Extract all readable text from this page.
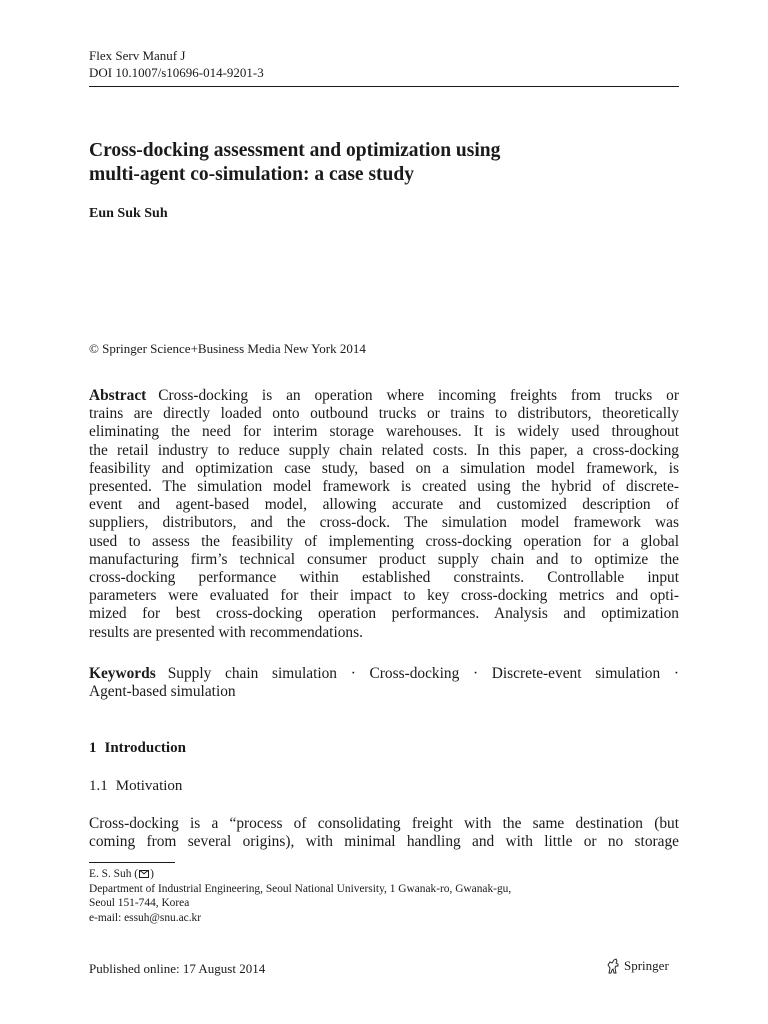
Flex Serv Manuf J
DOI 10.1007/s10696-014-9201-3
Cross-docking assessment and optimization using
multi-agent co-simulation: a case study
Eun Suk Suh
© Springer Science+Business Media New York 2014
Abstract Cross-docking is an operation where incoming freights from trucks or
trains are directly loaded onto outbound trucks or trains to distributors, theoretically
eliminating the need for interim storage warehouses. It is widely used throughout
the retail industry to reduce supply chain related costs. In this paper, a cross-docking
feasibility and optimization case study, based on a simulation model framework, is
presented. The simulation model framework is created using the hybrid of discrete-
event and agent-based model, allowing accurate and customized description of
suppliers, distributors, and the cross-dock. The simulation model framework was
used to assess the feasibility of implementing cross-docking operation for a global
manufacturing firm’s technical consumer product supply chain and to optimize the
cross-docking performance within established constraints. Controllable input
parameters were evaluated for their impact to key cross-docking metrics and opti-
mized for best cross-docking operation performances. Analysis and optimization
results are presented with recommendations.
Keywords Supply chain simulation · Cross-docking · Discrete-event simulation ·
Agent-based simulation
1 Introduction
1.1 Motivation
Cross-docking is a “process of consolidating freight with the same destination (but
coming from several origins), with minimal handling and with little or no storage
E. S. Suh ( )
Department of Industrial Engineering, Seoul National University, 1 Gwanak-ro, Gwanak-gu,
Seoul 151-744, Korea
e-mail: essuh@snu.ac.kr
Published online: 17 August 2014	Springer
